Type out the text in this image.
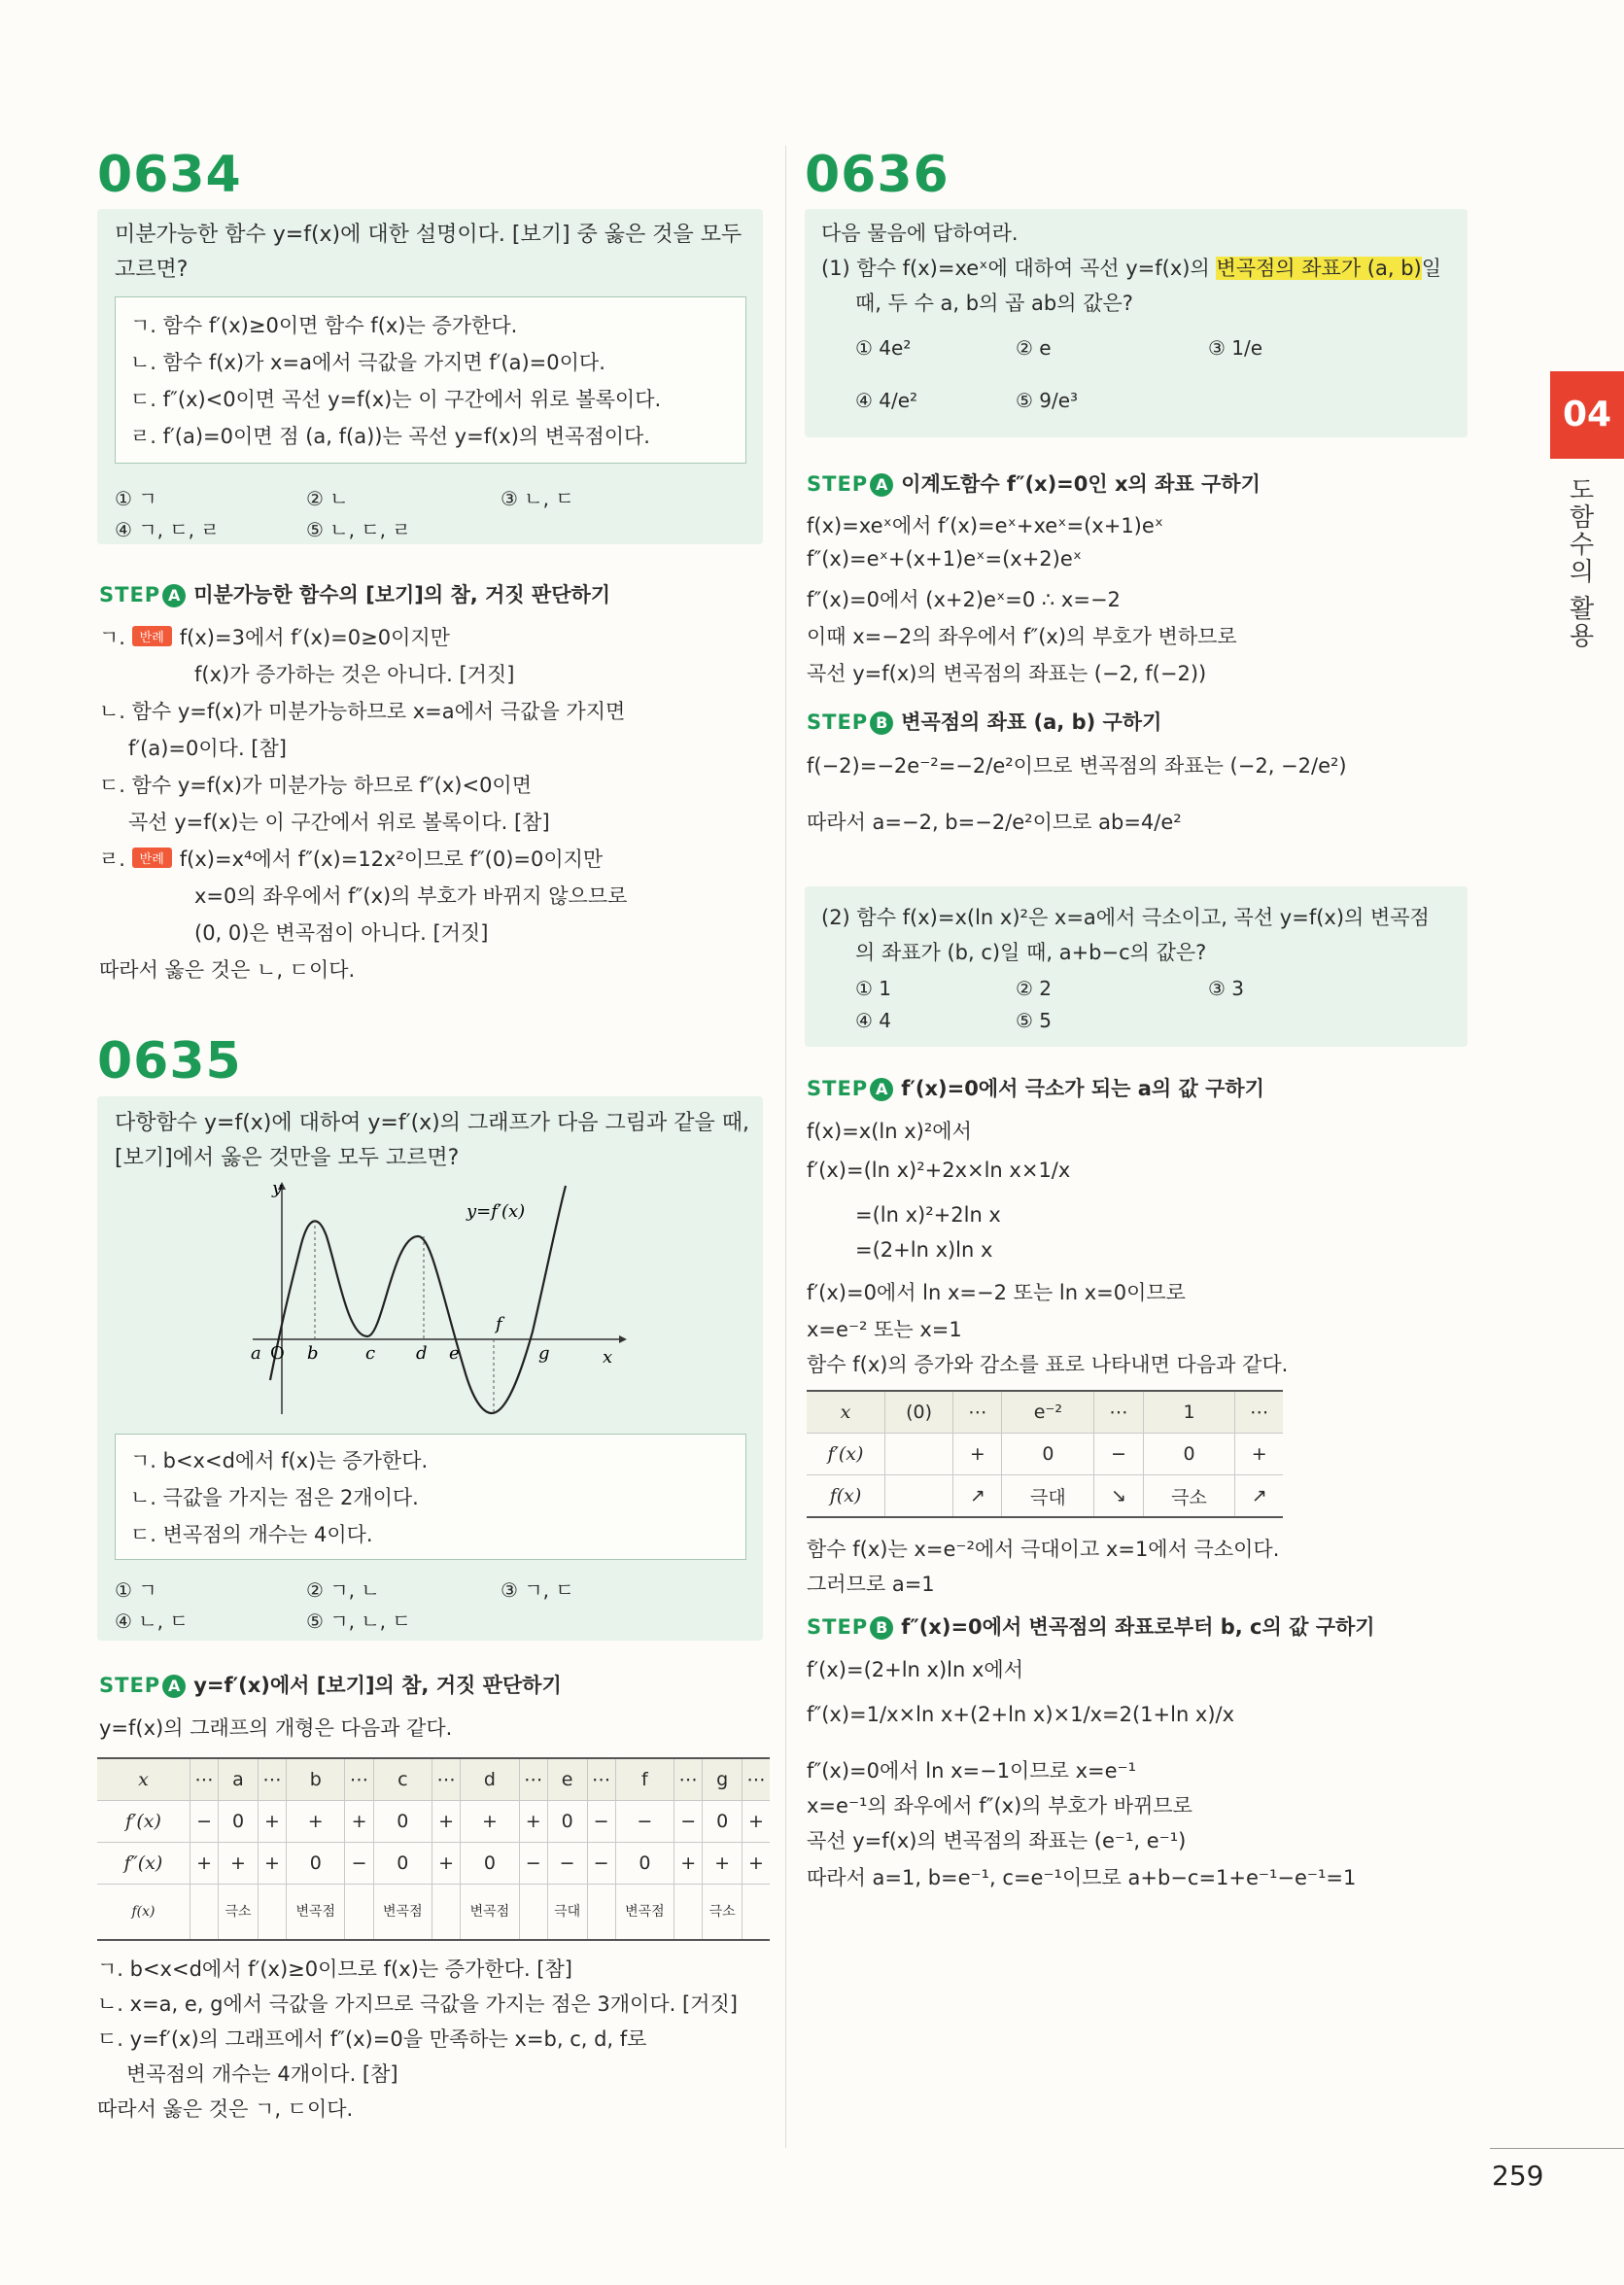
0634
미분가능한 함수 y=f(x)에 대한 설명이다. [보기] 중 옳은 것을 모두
고르면?
ㄱ. 함수 f′(x)≥0이면 함수 f(x)는 증가한다.
ㄴ. 함수 f(x)가 x=a에서 극값을 가지면 f′(a)=0이다.
ㄷ. f″(x)<0이면 곡선 y=f(x)는 이 구간에서 위로 볼록이다.
ㄹ. f′(a)=0이면 점 (a, f(a))는 곡선 y=f(x)의 변곡점이다.
① ㄱ	② ㄴ	③ ㄴ, ㄷ
④ ㄱ, ㄷ, ㄹ	⑤ ㄴ, ㄷ, ㄹ
STEP A 미분가능한 함수의 [보기]의 참, 거짓 판단하기
ㄱ. 반례 f(x)=3에서 f′(x)=0≥0이지만
f(x)가 증가하는 것은 아니다. [거짓]
ㄴ. 함수 y=f(x)가 미분가능하므로 x=a에서 극값을 가지면
f′(a)=0이다. [참]
ㄷ. 함수 y=f(x)가 미분가능 하므로 f″(x)<0이면
곡선 y=f(x)는 이 구간에서 위로 볼록이다. [참]
ㄹ. 반례 f(x)=x⁴에서 f″(x)=12x²이므로 f″(0)=0이지만
x=0의 좌우에서 f″(x)의 부호가 바뀌지 않으므로
(0, 0)은 변곡점이 아니다. [거짓]
따라서 옳은 것은 ㄴ, ㄷ이다.
0635
다항함수 y=f(x)에 대하여 y=f′(x)의 그래프가 다음 그림과 같을 때,
[보기]에서 옳은 것만을 모두 고르면?
y
x
y=f′(x)
a O b	c d e
f
g
ㄱ. b<x<d에서 f(x)는 증가한다.
ㄴ. 극값을 가지는 점은 2개이다.
ㄷ. 변곡점의 개수는 4이다.
① ㄱ	② ㄱ, ㄴ	③ ㄱ, ㄷ
④ ㄴ, ㄷ	⑤ ㄱ, ㄴ, ㄷ
STEP A y=f′(x)에서 [보기]의 참, 거짓 판단하기
y=f(x)의 그래프의 개형은 다음과 같다.
x	⋯	a	⋯	b	⋯	c	⋯	d	⋯	e	⋯	f	⋯	g	⋯
f′(x)	−	0	+	+	+	0	+	+	+	0	−	−	−	0	+
f″(x)	+	+	+	0	−	0	+	0	−	−	−	0	+	+	+
f(x)		극소		변곡점		변곡점		변곡점		극대		변곡점		극소	
ㄱ. b<x<d에서 f′(x)≥0이므로 f(x)는 증가한다. [참]
ㄴ. x=a, e, g에서 극값을 가지므로 극값을 가지는 점은 3개이다. [거짓]
ㄷ. y=f′(x)의 그래프에서 f″(x)=0을 만족하는 x=b, c, d, f로
변곡점의 개수는 4개이다. [참]
따라서 옳은 것은 ㄱ, ㄷ이다.
0636
다음 물음에 답하여라.
(1) 함수 f(x)=xeˣ에 대하여 곡선 y=f(x)의 변곡점의 좌표가 (a, b)일
때, 두 수 a, b의 곱 ab의 값은?
① 4e²	② e	③ 1/e
④ 4/e²	⑤ 9/e³
STEP A 이계도함수 f″(x)=0인 x의 좌표 구하기
f(x)=xeˣ에서 f′(x)=eˣ+xeˣ=(x+1)eˣ
f″(x)=eˣ+(x+1)eˣ=(x+2)eˣ
f″(x)=0에서 (x+2)eˣ=0 ∴ x=−2
이때 x=−2의 좌우에서 f″(x)의 부호가 변하므로
곡선 y=f(x)의 변곡점의 좌표는 (−2, f(−2))
STEP B 변곡점의 좌표 (a, b) 구하기
f(−2)=−2e⁻²=−2/e²이므로 변곡점의 좌표는 (−2, −2/e²)
따라서 a=−2, b=−2/e²이므로 ab=4/e²
(2) 함수 f(x)=x(ln x)²은 x=a에서 극소이고, 곡선 y=f(x)의 변곡점
의 좌표가 (b, c)일 때, a+b−c의 값은?
① 1	② 2	③ 3
④ 4	⑤ 5
STEP A f′(x)=0에서 극소가 되는 a의 값 구하기
f(x)=x(ln x)²에서
f′(x)=(ln x)²+2x×ln x×1/x
=(ln x)²+2ln x
=(2+ln x)ln x
f′(x)=0에서 ln x=−2 또는 ln x=0이므로
x=e⁻² 또는 x=1
함수 f(x)의 증가와 감소를 표로 나타내면 다음과 같다.
x	(0)	⋯	e⁻²	⋯	1	⋯
f′(x)		+	0	−	0	+
f(x)		↗	극대	↘	극소	↗
함수 f(x)는 x=e⁻²에서 극대이고 x=1에서 극소이다.
그러므로 a=1
STEP B f″(x)=0에서 변곡점의 좌표로부터 b, c의 값 구하기
f′(x)=(2+ln x)ln x에서
f″(x)=1/x×ln x+(2+ln x)×1/x=2(1+ln x)/x
f″(x)=0에서 ln x=−1이므로 x=e⁻¹
x=e⁻¹의 좌우에서 f″(x)의 부호가 바뀌므로
곡선 y=f(x)의 변곡점의 좌표는 (e⁻¹, e⁻¹)
따라서 a=1, b=e⁻¹, c=e⁻¹이므로 a+b−c=1+e⁻¹−e⁻¹=1
04
도함수의 활용
259
